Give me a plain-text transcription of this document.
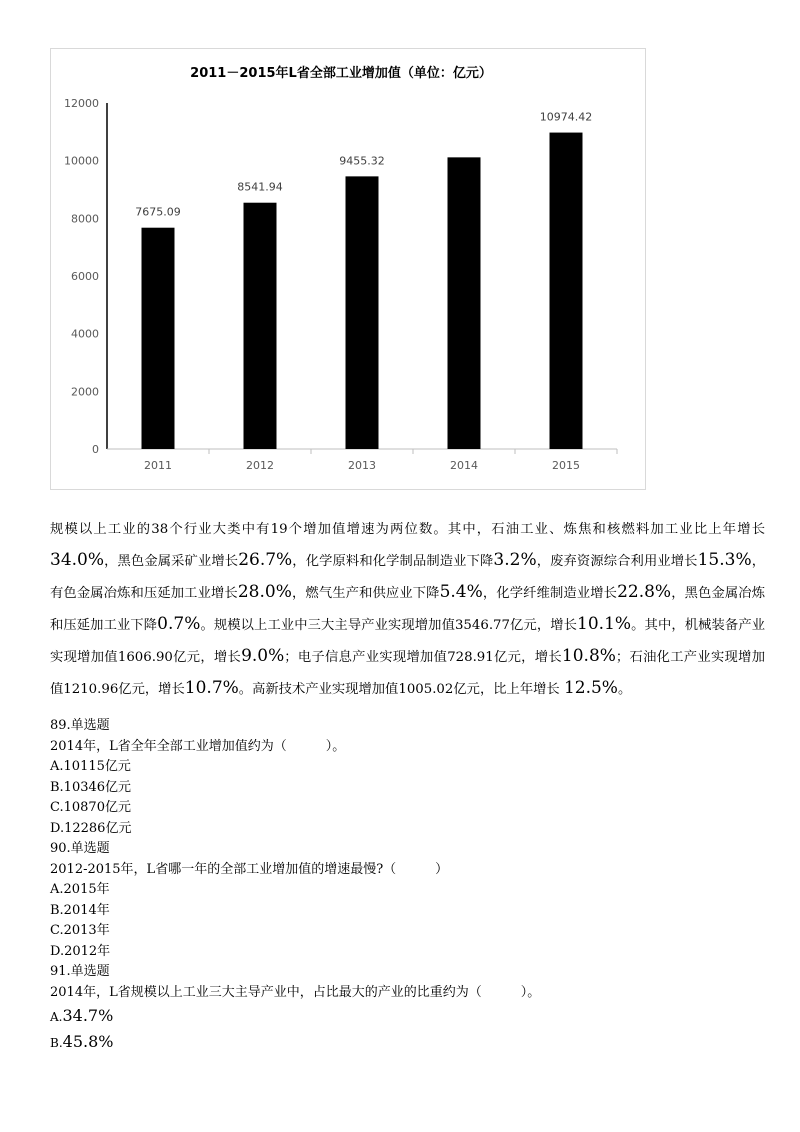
2011－2015年L省全部工业增加值（单位：亿元）
0
2000
4000
6000
8000
10000
12000
2011	2012	2013	2014	2015
7675.09
8541.94
9455.32
10974.42
规模以上工业的38个行业大类中有19个增加值增速为两位数。其中，石油工业、炼焦和核燃料加工业比上年增长34.0%，黑色金属采矿业增长26.7%，化学原料和化学制品制造业下降3.2%，废弃资源综合利用业增长15.3%，有色金属冶炼和压延加工业增长28.0%，燃气生产和供应业下降5.4%，化学纤维制造业增长22.8%，黑色金属冶炼和压延加工业下降0.7%。规模以上工业中三大主导产业实现增加值3546.77亿元，增长10.1%。其中，机械装备产业实现增加值1606.90亿元，增长9.0%；电子信息产业实现增加值728.91亿元，增长10.8%；石油化工产业实现增加值1210.96亿元，增长10.7%。高新技术产业实现增加值1005.02亿元，比上年增长 12.5%。
89.单选题
2014年，L省全年全部工业增加值约为（　　　）。
A.10115亿元
B.10346亿元
C.10870亿元
D.12286亿元
90.单选题
2012-2015年，L省哪一年的全部工业增加值的增速最慢?（　　　）
A.2015年
B.2014年
C.2013年
D.2012年
91.单选题
2014年，L省规模以上工业三大主导产业中，占比最大的产业的比重约为（　　　）。
A.34.7%
B.45.8%
